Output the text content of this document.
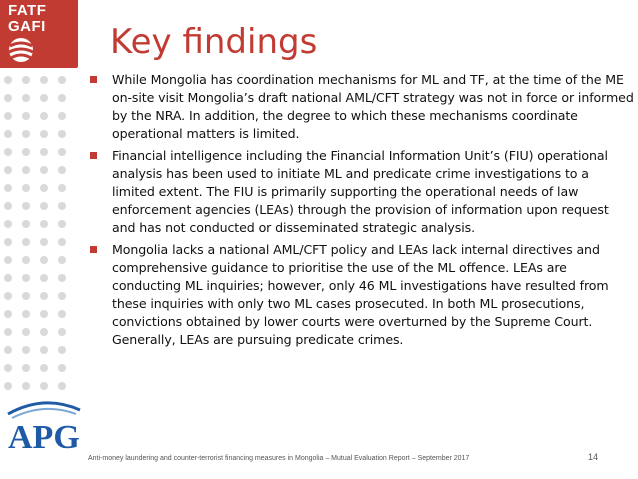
FATF
GAFI Key findings
While Mongolia has coordination mechanisms for ML and TF, at the time of the ME on-site visit Mongolia’s draft national AML/CFT strategy was not in force or informed by the NRA. In addition, the degree to which these mechanisms coordinate operational matters is limited.
Financial intelligence including the Financial Information Unit’s (FIU) operational analysis has been used to initiate ML and predicate crime investigations to a limited extent. The FIU is primarily supporting the operational needs of law enforcement agencies (LEAs) through the provision of information upon request and has not conducted or disseminated strategic analysis.
Mongolia lacks a national AML/CFT policy and LEAs lack internal directives and comprehensive guidance to prioritise the use of the ML offence. LEAs are conducting ML inquiries; however, only 46 ML investigations have resulted from these inquiries with only two ML cases prosecuted. In both ML prosecutions, convictions obtained by lower courts were overturned by the Supreme Court. Generally, LEAs are pursuing predicate crimes.
APG
Anti-money laundering and counter-terrorist financing measures in Mongolia – Mutual Evaluation Report – September 2017	14
